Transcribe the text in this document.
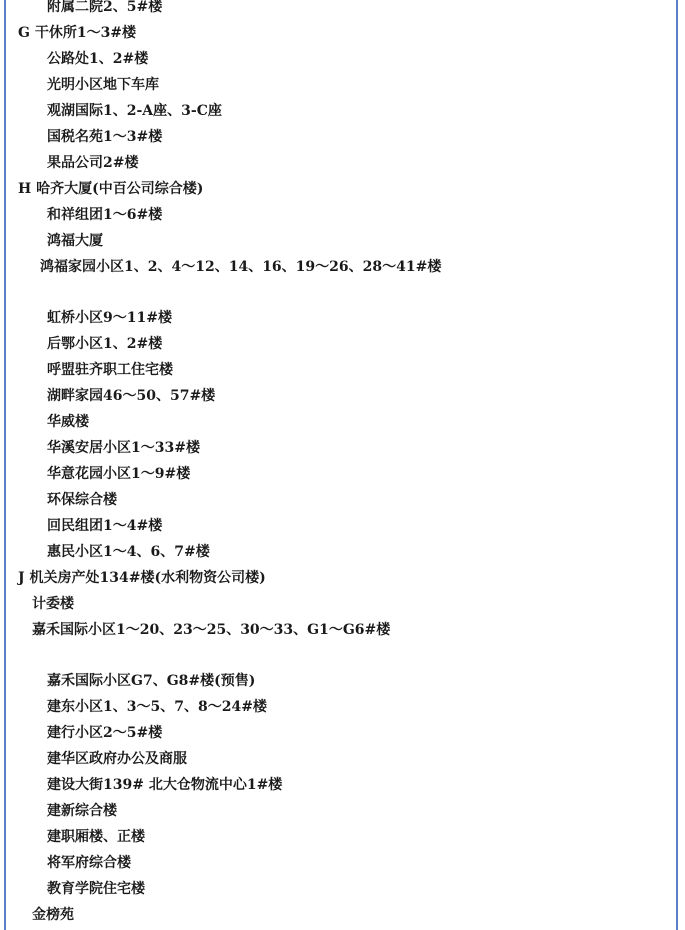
附属二院2、5#楼
G 干休所1～3#楼
公路处1、2#楼
光明小区地下车库
观湖国际1、2-A座、3-C座
国税名苑1～3#楼
果品公司2#楼
H 哈齐大厦(中百公司综合楼)
和祥组团1～6#楼
鸿福大厦
鸿福家园小区1、2、4～12、14、16、19～26、28～41#楼
虹桥小区9～11#楼
后鄂小区1、2#楼
呼盟驻齐职工住宅楼
湖畔家园46～50、57#楼
华威楼
华溪安居小区1～33#楼
华意花园小区1～9#楼
环保综合楼
回民组团1～4#楼
惠民小区1～4、6、7#楼
J 机关房产处134#楼(水利物资公司楼)
计委楼
嘉禾国际小区1～20、23～25、30～33、G1～G6#楼
嘉禾国际小区G7、G8#楼(预售)
建东小区1、3～5、7、8～24#楼
建行小区2～5#楼
建华区政府办公及商服
建设大街139# 北大仓物流中心1#楼
建新综合楼
建职厢楼、正楼
将军府综合楼
教育学院住宅楼
金榜苑
